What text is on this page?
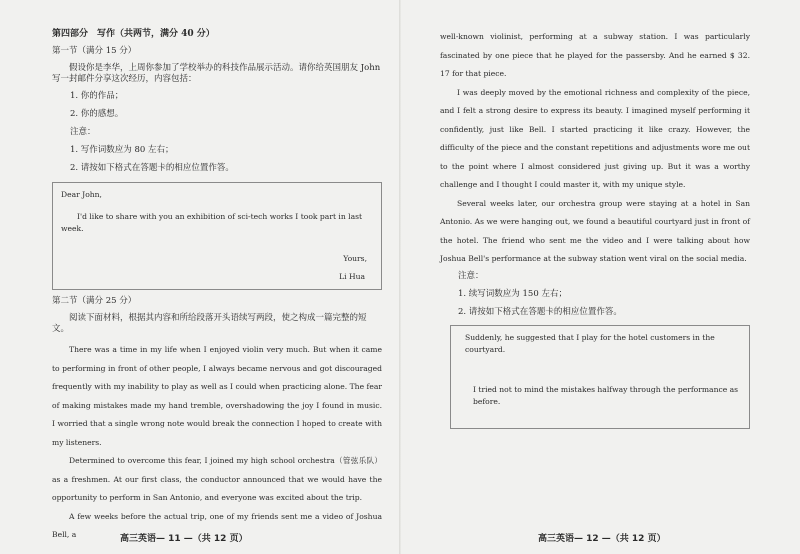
第四部分　写作（共两节，满分 40 分）

第一节（满分 15 分）

假设你是李华，上周你参加了学校举办的科技作品展示活动。请你给英国朋友 John 写一封邮件分享这次经历，内容包括：

1. 你的作品；

2. 你的感想。

注意：

1. 写作词数应为 80 左右；

2. 请按如下格式在答题卡的相应位置作答。

Dear John,

I'd like to share with you an exhibition of sci-tech works I took part in last week.

Yours,

Li Hua

第二节（满分 25 分）

阅读下面材料，根据其内容和所给段落开头语续写两段，使之构成一篇完整的短文。

There was a time in my life when I enjoyed violin very much. But when it came to performing in front of other people, I always became nervous and got discouraged frequently with my inability to play as well as I could when practicing alone. The fear of making mistakes made my hand tremble, overshadowing the joy I found in music. I worried that a single wrong note would break the connection I hoped to create with my listeners.

Determined to overcome this fear, I joined my high school orchestra（管弦乐队）as a freshmen. At our first class, the conductor announced that we would have the opportunity to perform in San Antonio, and everyone was excited about the trip.

A few weeks before the actual trip, one of my friends sent me a video of Joshua Bell, a	高三英语— 11 —（共 12 页）

well-known violinist, performing at a subway station. I was particularly fascinated by one piece that he played for the passersby. And he earned $ 32. 17 for that piece.

I was deeply moved by the emotional richness and complexity of the piece, and I felt a strong desire to express its beauty. I imagined myself performing it confidently, just like Bell. I started practicing it like crazy. However, the difficulty of the piece and the constant repetitions and adjustments wore me out to the point where I almost considered just giving up. But it was a worthy challenge and I thought I could master it, with my unique style.

Several weeks later, our orchestra group were staying at a hotel in San Antonio. As we were hanging out, we found a beautiful courtyard just in front of the hotel. The friend who sent me the video and I were talking about how Joshua Bell's performance at the subway station went viral on the social media.

注意：

1. 续写词数应为 150 左右；

2. 请按如下格式在答题卡的相应位置作答。

Suddenly, he suggested that I play for the hotel customers in the courtyard.

I tried not to mind the mistakes halfway through the performance as before.

高三英语— 12 —（共 12 页）
